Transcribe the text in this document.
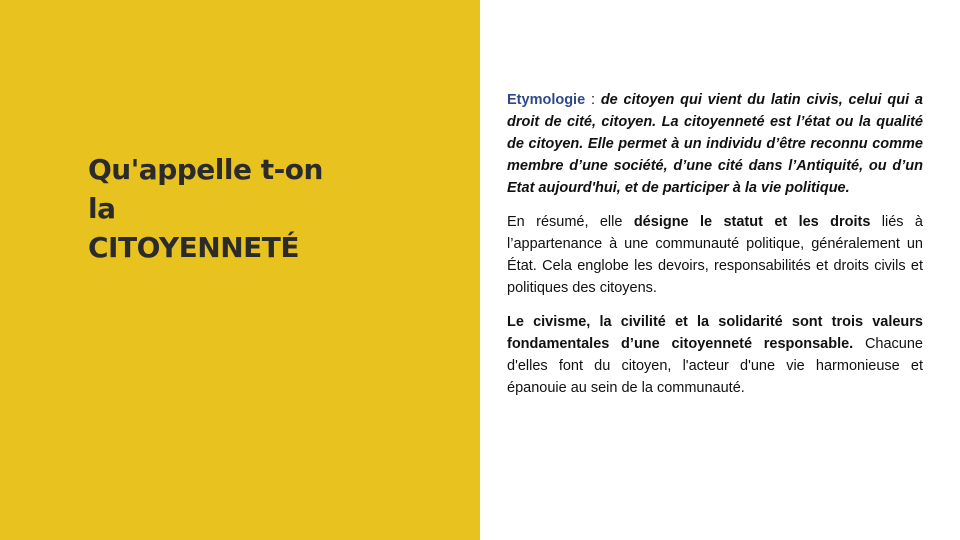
Qu'appelle t-on
la
CITOYENNETÉ

Etymologie : de citoyen qui vient du latin civis, celui qui a droit de cité, citoyen. La citoyenneté est l’état ou la qualité de citoyen. Elle permet à un individu d’être reconnu comme membre d’une société, d’une cité dans l’Antiquité, ou d’un Etat aujourd'hui, et de participer à la vie politique.

En résumé, elle désigne le statut et les droits liés à l’appartenance à une communauté politique, généralement un État. Cela englobe les devoirs, responsabilités et droits civils et politiques des citoyens.

Le civisme, la civilité et la solidarité sont trois valeurs fondamentales d’une citoyenneté responsable. Chacune d'elles font du citoyen, l'acteur d'une vie harmonieuse et épanouie au sein de la communauté.
